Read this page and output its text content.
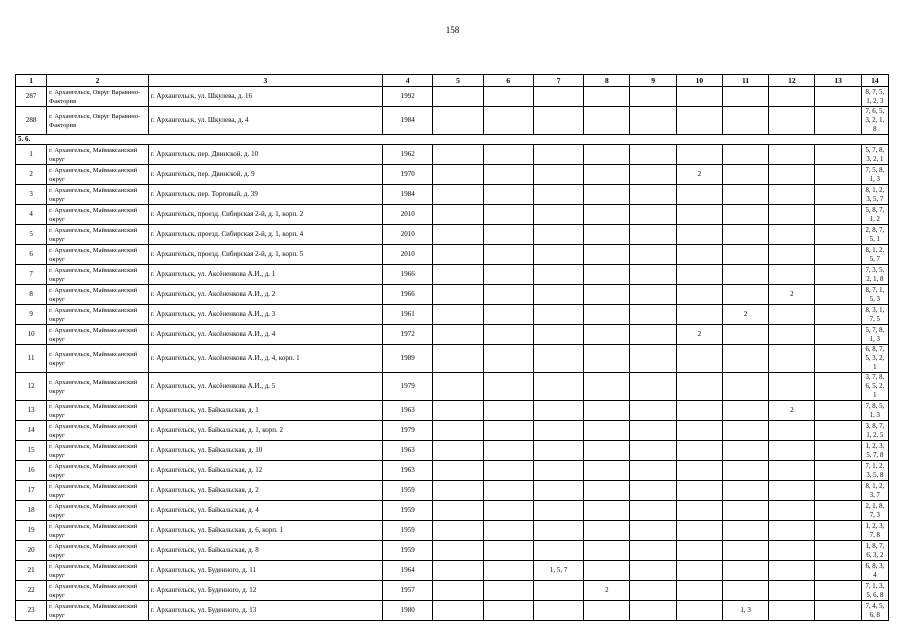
158
1	2	3	4	5	6	7	8	9	10	11	12	13	14
287	г. Архангельск, Округ Варавино-Фактория	г. Архангельск, ул. Шкулева, д. 16	1992										8, 7, 5, 1, 2, 3
288	г. Архангельск, Округ Варавино-Фактория	г. Архангельск, ул. Шкулева, д. 4	1984										7, 6, 5, 3, 2, 1, 8
5. 6.													
1	г. Архангельск, Маймаксанский округ	г. Архангельск, пер. Двинской, д. 10	1962										5, 7, 8, 3, 2, 1
2	г. Архангельск, Маймаксанский округ	г. Архангельск, пер. Двинской, д. 9	1970						2				7, 5, 8, 1, 3
3	г. Архангельск, Маймаксанский округ	г. Архангельск, пер. Торговый, д. 39	1984										8, 1, 2, 3, 5, 7
4	г. Архангельск, Маймаксанский округ	г. Архангельск, проезд. Сибирская 2-й, д. 1, корп. 2	2010										5, 8, 7, 1, 2
5	г. Архангельск, Маймаксанский округ	г. Архангельск, проезд. Сибирская 2-й, д. 1, корп. 4	2010										2, 8, 7, 5, 1
6	г. Архангельск, Маймаксанский округ	г. Архангельск, проезд. Сибирская 2-й, д. 1, корп. 5	2010										8, 1, 2, 5, 7
7	г. Архангельск, Маймаксанский округ	г. Архангельск, ул. Аксёненкова А.И., д. 1	1966										7, 3, 5, 2, 1, 8
8	г. Архангельск, Маймаксанский округ	г. Архангельск, ул. Аксёненкова А.И., д. 2	1966								2		8, 7, 1, 5, 3
9	г. Архангельск, Маймаксанский округ	г. Архангельск, ул. Аксёненкова А.И., д. 3	1961							2			8, 3, 1, 7, 5
10	г. Архангельск, Маймаксанский округ	г. Архангельск, ул. Аксёненкова А.И., д. 4	1972						2				5, 7, 8, 1, 3
11	г. Архангельск, Маймаксанский округ	г. Архангельск, ул. Аксёненкова А.И., д. 4, корп. 1	1989										6, 8, 7, 5, 3, 2, 1
12	г. Архангельск, Маймаксанский округ	г. Архангельск, ул. Аксёненкова А.И., д. 5	1979										3, 7, 8, 6, 5, 2, 1
13	г. Архангельск, Маймаксанский округ	г. Архангельск, ул. Байкальская, д. 1	1963								2		7, 8, 5, 1, 3
14	г. Архангельск, Маймаксанский округ	г. Архангельск, ул. Байкальская, д. 1, корп. 2	1979										3, 8, 7, 1, 2, 5
15	г. Архангельск, Маймаксанский округ	г. Архангельск, ул. Байкальская, д. 10	1963										1, 2, 3, 5, 7, 8
16	г. Архангельск, Маймаксанский округ	г. Архангельск, ул. Байкальская, д. 12	1963										7, 1, 2, 3, 5, 8
17	г. Архангельск, Маймаксанский округ	г. Архангельск, ул. Байкальская, д. 2	1959										8, 1, 2, 3, 7
18	г. Архангельск, Маймаксанский округ	г. Архангельск, ул. Байкальская, д. 4	1959										2, 1, 8, 7, 3
19	г. Архангельск, Маймаксанский округ	г. Архангельск, ул. Байкальская, д. 6, корп. 1	1959										1, 2, 3, 7, 8
20	г. Архангельск, Маймаксанский округ	г. Архангельск, ул. Байкальская, д. 8	1959										1, 8, 7, 6, 3, 2
21	г. Архангельск, Маймаксанский округ	г. Архангельск, ул. Буденного, д. 11	1964			1, 5, 7							6, 8, 3, 4
22	г. Архангельск, Маймаксанский округ	г. Архангельск, ул. Буденного, д. 12	1957				2						7, 1, 3, 5, 6, 8
23	г. Архангельск, Маймаксанский округ	г. Архангельск, ул. Буденного, д. 13	1980							1, 3			7, 4, 5, 6, 8
